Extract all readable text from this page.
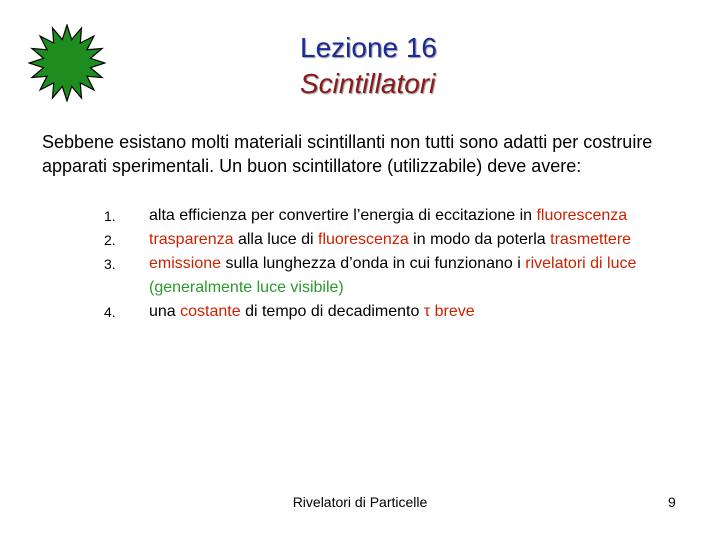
Lezione 16
Scintillatori
Sebbene esistano molti materiali scintillanti non tutti sono adatti per costruire apparati sperimentali. Un buon scintillatore (utilizzabile) deve avere:
1. alta efficienza per convertire l’energia di eccitazione in fluorescenza
2. trasparenza alla luce di fluorescenza in modo da poterla trasmettere
3. emissione sulla lunghezza d’onda in cui funzionano i rivelatori di luce (generalmente luce visibile)
4. una costante di tempo di decadimento τ breve
Rivelatori di Particelle	9
